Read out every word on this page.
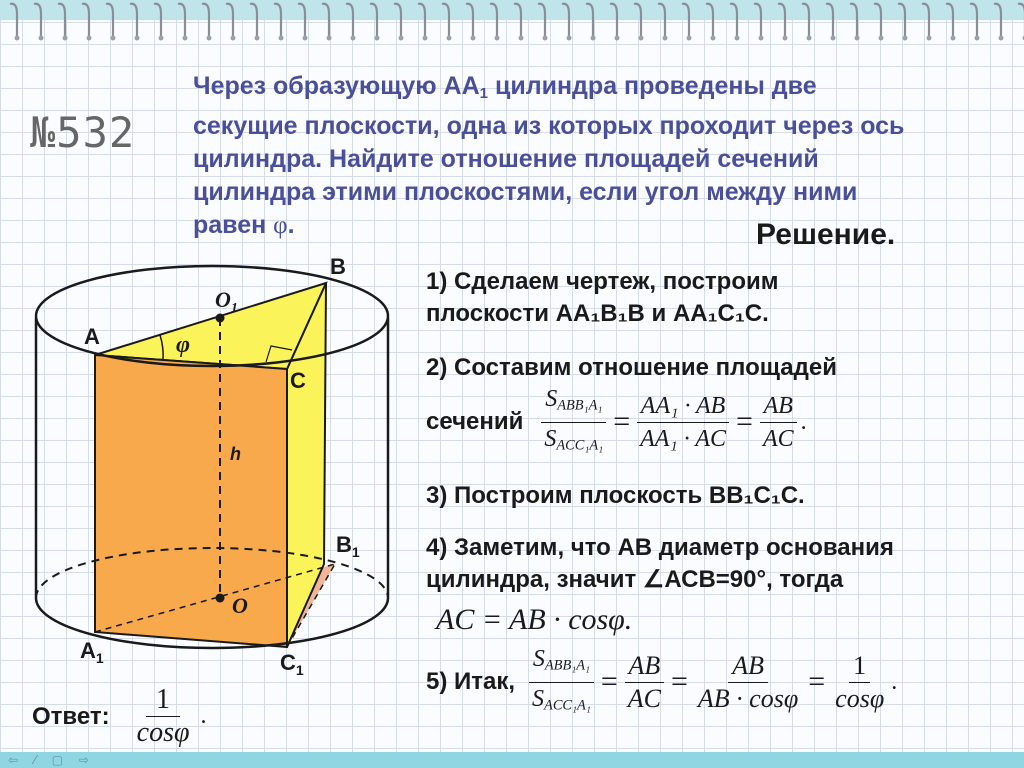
№532
Через образующую $АА_1$ цилиндра проведены две
секущие плоскости, одна из которых проходит через ось
цилиндра. Найдите отношение площадей сечений
цилиндра этими плоскостями, если угол между ними
равен φ.	Решение.
B
A
C
$O_1$
O
h
φ
$A_1$
$B_1$
$C_1$
1) Сделаем чертеж, построим
плоскости АА₁В₁В и АА₁С₁С.
2) Составим отношение площадей
сечений $\frac{S_{ABB_1A_1}}{S_{ACC_1A_1}} = \frac{\text{AA₁ · AB}}{\text{AA₁ · AC}} = \frac{AB}{AC}$ .
3) Построим плоскость ВВ₁С₁С.
4) Заметим, что АВ диаметр основания
цилиндра, значит ∠АСВ=90°, тогда
AC = AB · cosφ.
5) Итак, $\frac{S_{ABB_1A_1}}{S_{ACC_1A_1}} = \frac{AB}{AC} = \frac{AB}{AB \cdot \cos\varphi} = \frac{1}{\cos\varphi}$ .
Ответ: $\frac{1}{\cos\varphi}$ .
⇦ ⁄ ▢ ⇨
